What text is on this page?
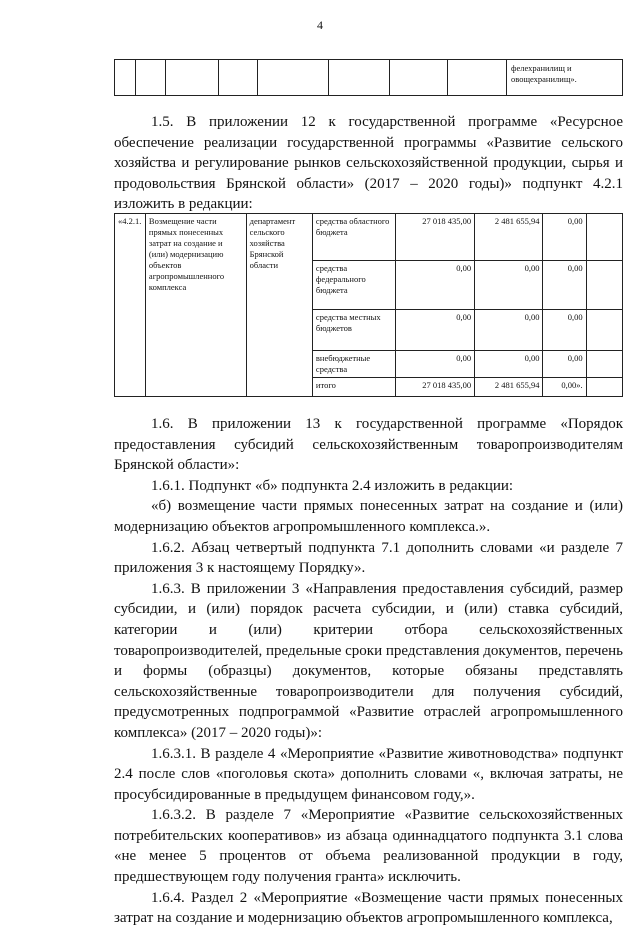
4

фелехранилищ и
овощехранилищ».
1.5. В приложении 12 к государственной программе «Ресурсное обеспечение реализации государственной программы «Развитие сельского хозяйства и регулирование рынков сельскохозяйственной продукции, сырья и продовольствия Брянской области» (2017 – 2020 годы)» подпункт 4.2.1 изложить в редакции:
«4.2.1.	Возмещение части прямых понесенных затрат на создание и (или) модернизацию объектов агропромышленного комплекса	департамент сельского хозяйства Брянской области	средства областного бюджета	27 018 435,00	2 481 655,94	0,00	
			средства федерального бюджета	0,00	0,00	0,00	
			средства местных бюджетов	0,00	0,00	0,00	
			внебюджетные средства	0,00	0,00	0,00	
			итого	27 018 435,00	2 481 655,94	0,00».	

1.6. В приложении 13 к государственной программе «Порядок предоставления субсидий сельскохозяйственным товаропроизводителям Брянской области»:

1.6.1. Подпункт «б» подпункта 2.4 изложить в редакции:

«б) возмещение части прямых понесенных затрат на создание и (или) модернизацию объектов агропромышленного комплекса.».

1.6.2. Абзац четвертый подпункта 7.1 дополнить словами «и разделе 7 приложения 3 к настоящему Порядку».

1.6.3. В приложении 3 «Направления предоставления субсидий, размер субсидии, и (или) порядок расчета субсидии, и (или) ставка субсидий, категории и (или) критерии отбора сельскохозяйственных товаропроизводителей, предельные сроки представления документов, перечень и формы (образцы) документов, которые обязаны представлять сельскохозяйственные товаропроизводители для получения субсидий, предусмотренных подпрограммой «Развитие отраслей агропромышленного комплекса» (2017 – 2020 годы)»:

1.6.3.1. В разделе 4 «Мероприятие «Развитие животноводства» подпункт 2.4 после слов «поголовья скота» дополнить словами «, включая затраты, не просубсидированные в предыдущем финансовом году,».

1.6.3.2. В разделе 7 «Мероприятие «Развитие сельскохозяйственных потребительских кооперативов» из абзаца одиннадцатого подпункта 3.1 слова «не менее 5 процентов от объема реализованной продукции в году, предшествующем году получения гранта» исключить.

1.6.4. Раздел 2 «Мероприятие «Возмещение части прямых понесенных затрат на создание и модернизацию объектов агропромышленного комплекса,
